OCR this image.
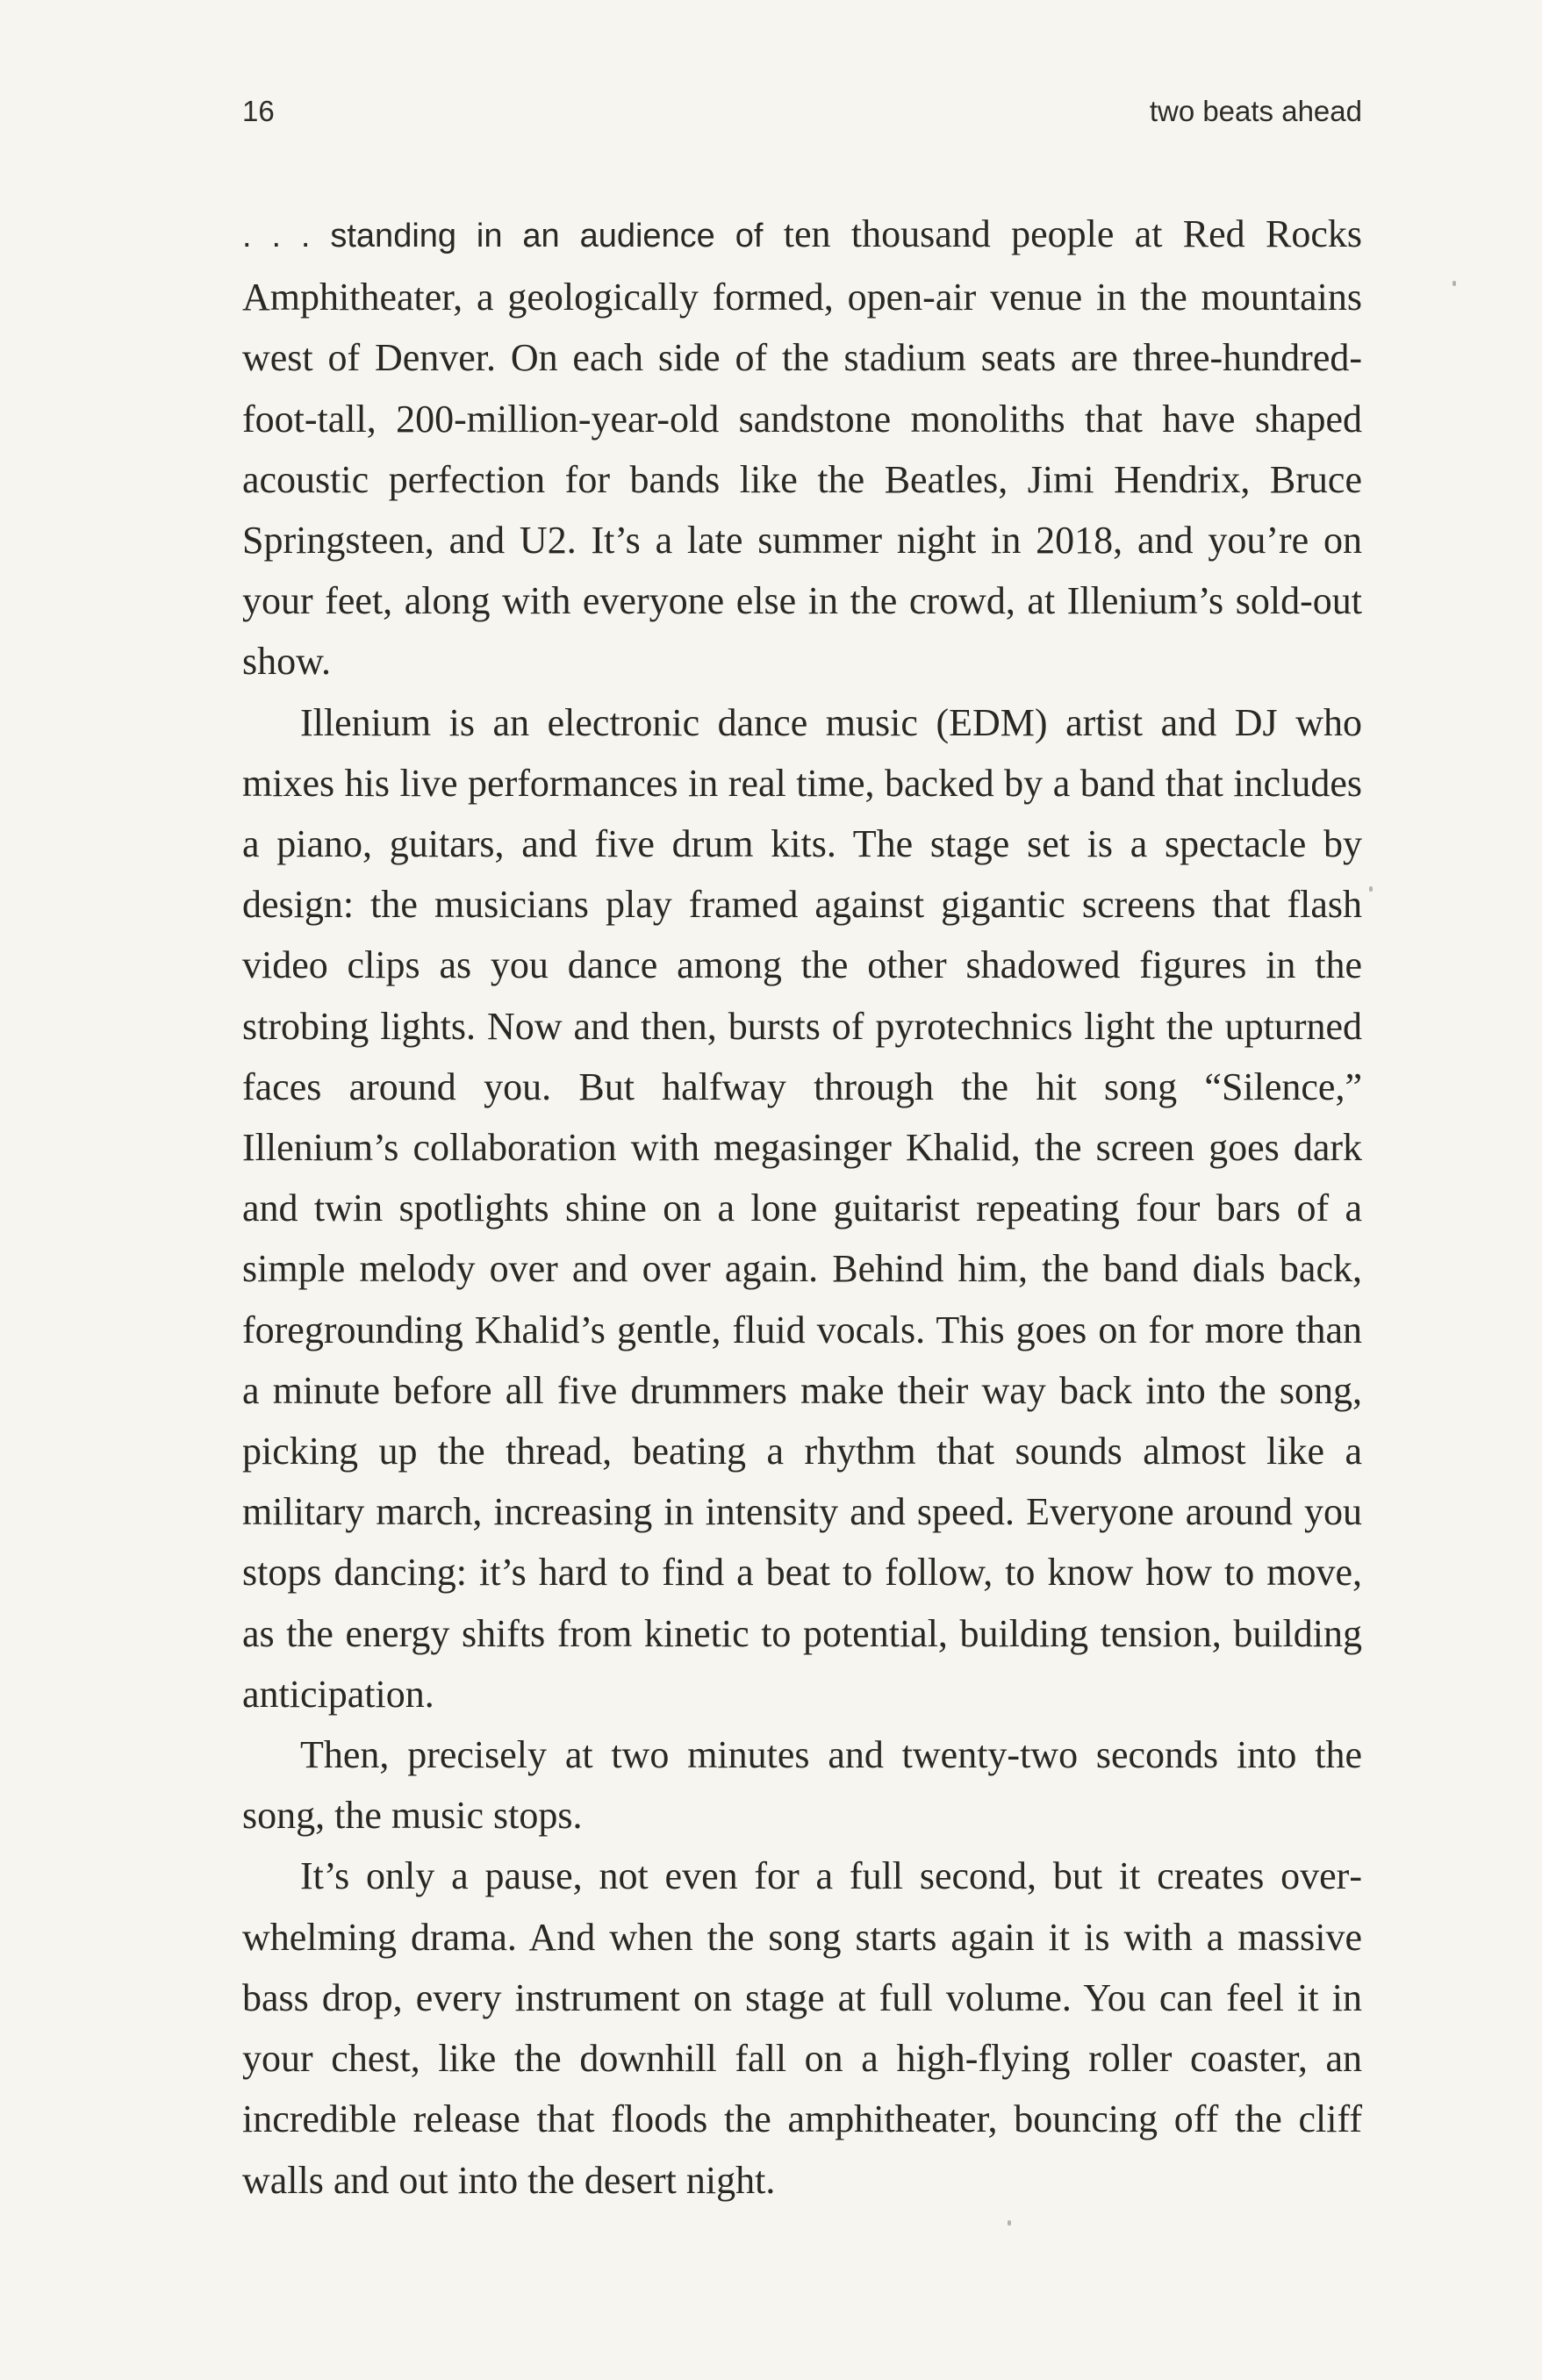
16	two beats ahead

. . . standing in an audience of ten thousand people at Red Rocks Amphitheater, a geologically formed, open-air venue in the mountains west of Denver. On each side of the stadium seats are three-hundred-foot-tall, 200-million-year-old sandstone monoliths that have shaped acoustic perfection for bands like the Beatles, Jimi Hendrix, Bruce Springsteen, and U2. It’s a late summer night in 2018, and you’re on your feet, along with everyone else in the crowd, at Illenium’s sold-out show.

Illenium is an electronic dance music (EDM) artist and DJ who mixes his live performances in real time, backed by a band that includes a piano, guitars, and five drum kits. The stage set is a spectacle by design: the musicians play framed against gigantic screens that flash video clips as you dance among the other shadowed figures in the strobing lights. Now and then, bursts of pyrotechnics light the upturned faces around you. But halfway through the hit song “Silence,” Illenium’s collaboration with megasinger Khalid, the screen goes dark and twin spotlights shine on a lone guitarist repeating four bars of a simple melody over and over again. Behind him, the band dials back, foregrounding Khalid’s gentle, fluid vocals. This goes on for more than a minute before all five drummers make their way back into the song, picking up the thread, beating a rhythm that sounds almost like a military march, increasing in intensity and speed. Everyone around you stops dancing: it’s hard to find a beat to follow, to know how to move, as the energy shifts from kinetic to potential, building tension, building anticipation.

Then, precisely at two minutes and twenty-two seconds into the song, the music stops.

It’s only a pause, not even for a full second, but it creates overwhelming drama. And when the song starts again it is with a massive bass drop, every instrument on stage at full volume. You can feel it in your chest, like the downhill fall on a high-flying roller coaster, an incredible release that floods the amphitheater, bouncing off the cliff walls and out into the desert night.
